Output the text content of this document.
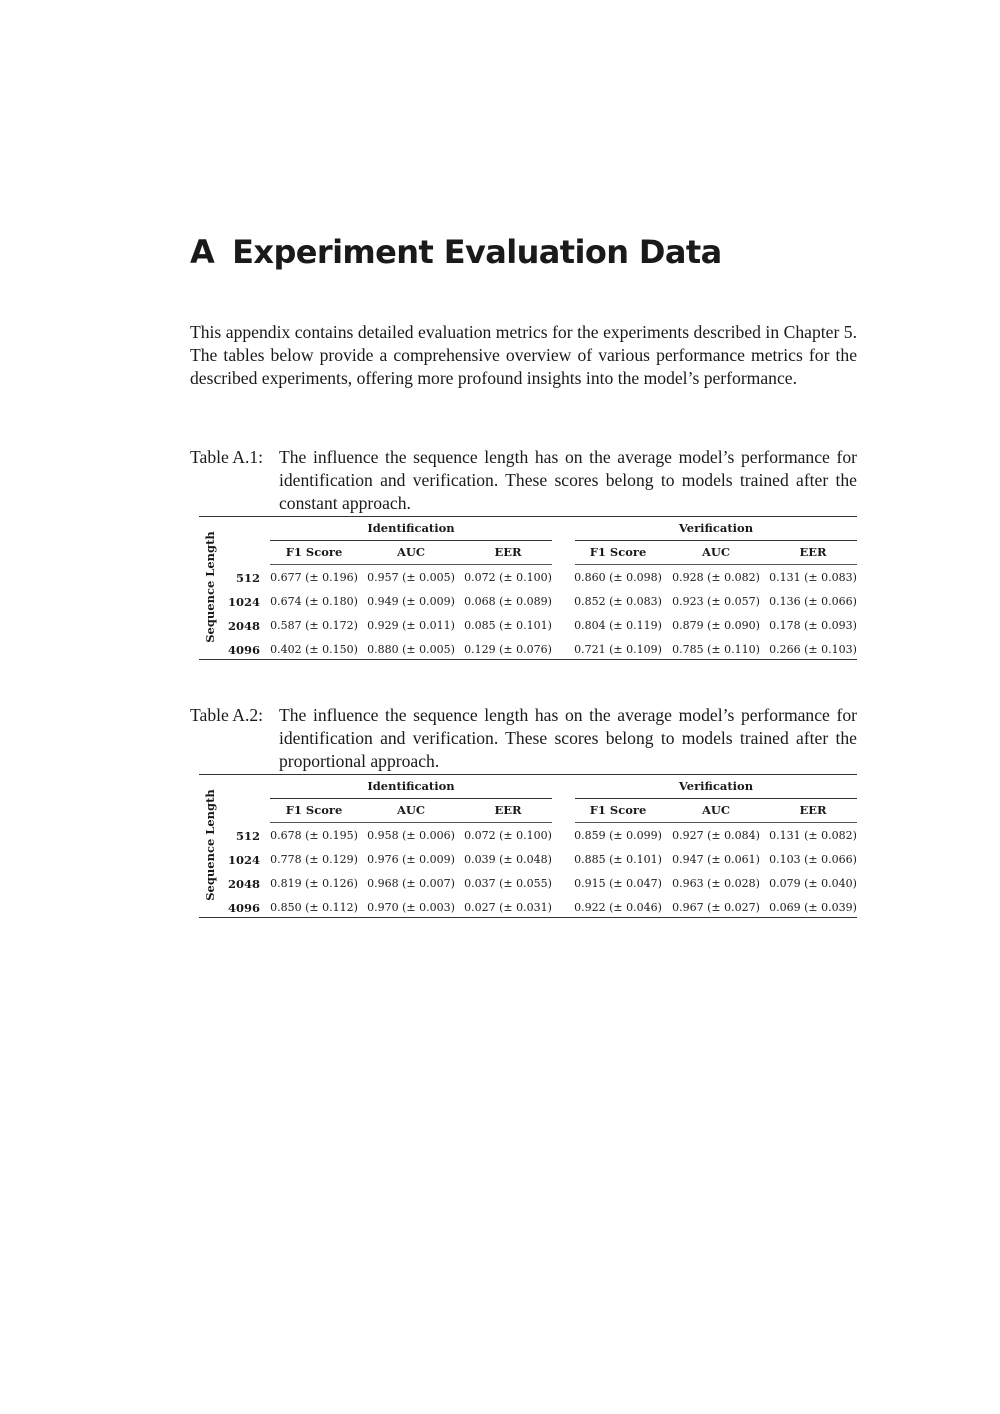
A Experiment Evaluation Data

This appendix contains detailed evaluation metrics for the experiments described in Chapter 5. The tables below provide a comprehensive overview of various performance metrics for the described experiments, offering more profound insights into the model’s performance.

Table A.1: The influence the sequence length has on the average model’s performance for identification and verification. These scores belong to models trained after the constant approach.
Identification	Verification
F1 Score	AUC	EER	F1 Score	AUC	EER
Sequence Length	512 0.677 (± 0.196) 0.957 (± 0.005) 0.072 (± 0.100) 0.860 (± 0.098) 0.928 (± 0.082) 0.131 (± 0.083)
1024 0.674 (± 0.180) 0.949 (± 0.009) 0.068 (± 0.089) 0.852 (± 0.083) 0.923 (± 0.057) 0.136 (± 0.066)
2048 0.587 (± 0.172) 0.929 (± 0.011) 0.085 (± 0.101) 0.804 (± 0.119) 0.879 (± 0.090) 0.178 (± 0.093)
4096 0.402 (± 0.150) 0.880 (± 0.005) 0.129 (± 0.076) 0.721 (± 0.109) 0.785 (± 0.110) 0.266 (± 0.103)
Table A.2: The influence the sequence length has on the average model’s performance for identification and verification. These scores belong to models trained after the proportional approach.
Identification	Verification
F1 Score	AUC	EER	F1 Score	AUC	EER
Sequence Length	512 0.678 (± 0.195) 0.958 (± 0.006) 0.072 (± 0.100) 0.859 (± 0.099) 0.927 (± 0.084) 0.131 (± 0.082)
1024 0.778 (± 0.129) 0.976 (± 0.009) 0.039 (± 0.048) 0.885 (± 0.101) 0.947 (± 0.061) 0.103 (± 0.066)
2048 0.819 (± 0.126) 0.968 (± 0.007) 0.037 (± 0.055) 0.915 (± 0.047) 0.963 (± 0.028) 0.079 (± 0.040)
4096 0.850 (± 0.112) 0.970 (± 0.003) 0.027 (± 0.031) 0.922 (± 0.046) 0.967 (± 0.027) 0.069 (± 0.039)
